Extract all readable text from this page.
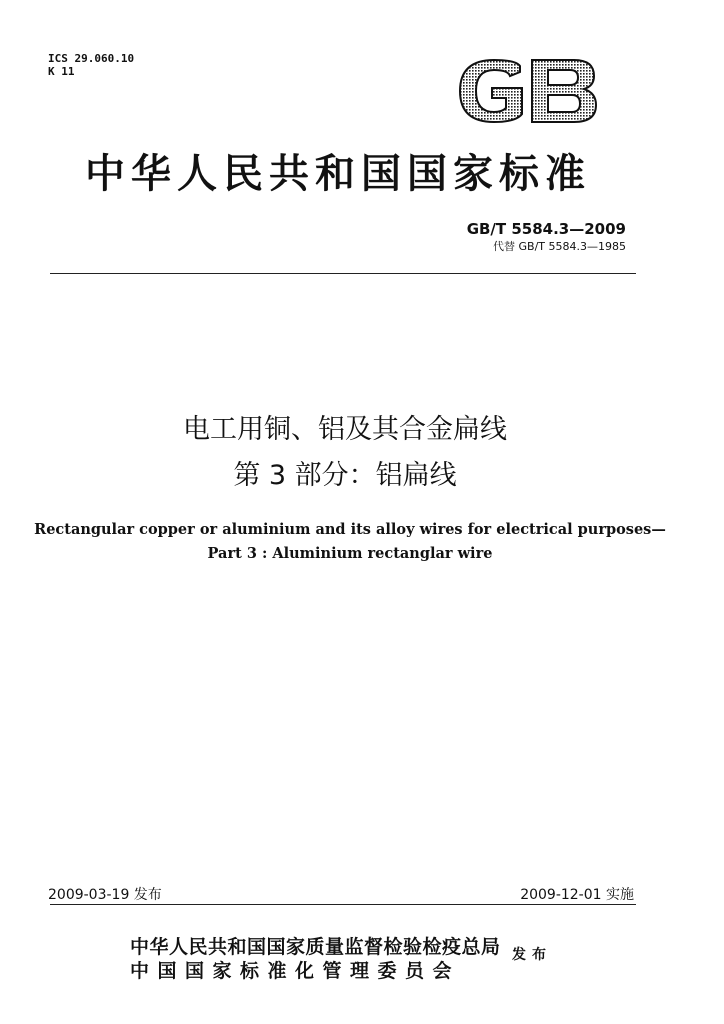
ICS 29.060.10
K 11
中华人民共和国国家标准
GB/T 5584.3—2009
代替 GB/T 5584.3—1985
电工用铜、铝及其合金扁线
第 3 部分：铝扁线
Rectangular copper or aluminium and its alloy wires for electrical purposes—
Part 3 : Aluminium rectanglar wire
2009-03-19 发布	2009-12-01 实施
中华人民共和国国家质量监督检验检疫总局
中国国家标准化管理委员会
发布
